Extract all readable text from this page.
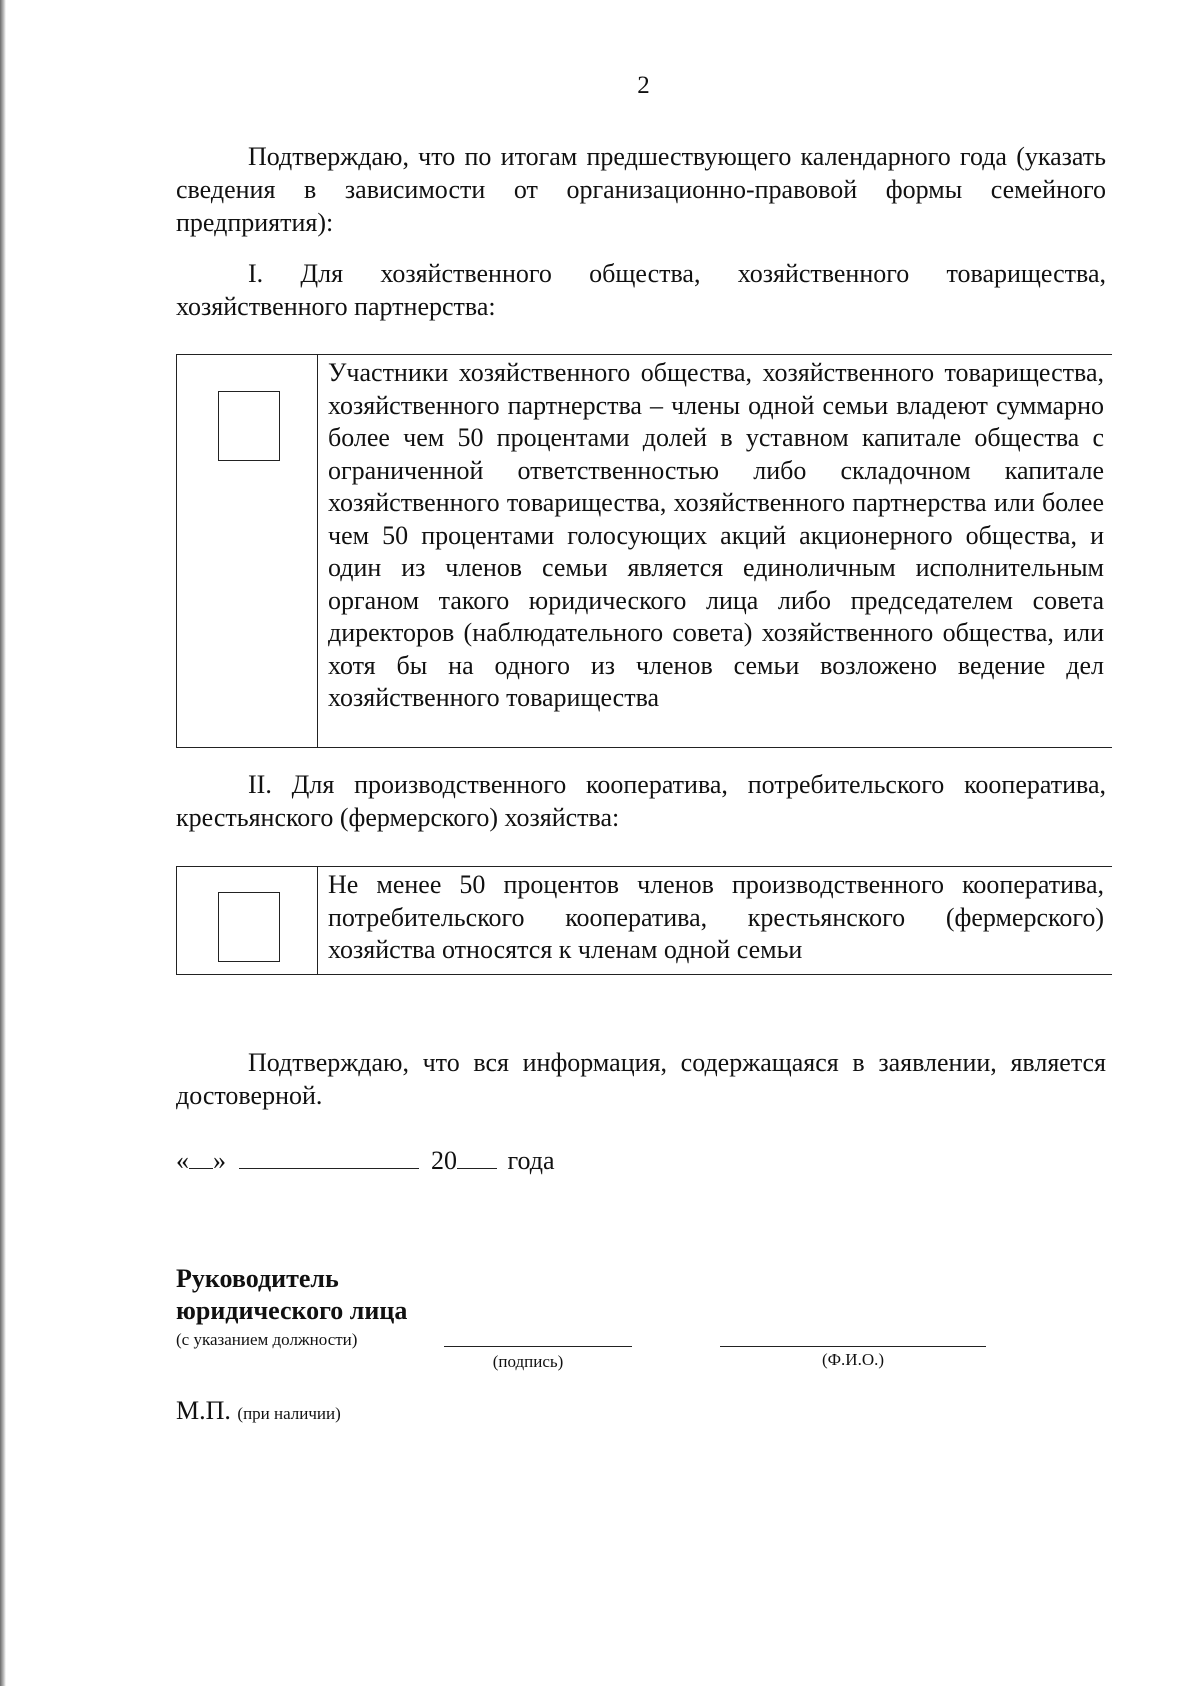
2

Подтверждаю, что по итогам предшествующего календарного года (указать сведения в зависимости от организационно-правовой формы семейного предприятия):

I. Для хозяйственного общества, хозяйственного товарищества, хозяйственного партнерства:

Участники хозяйственного общества, хозяйственного товарищества, хозяйственного партнерства – члены одной семьи владеют суммарно более чем 50 процентами долей в уставном капитале общества с ограниченной ответственностью либо складочном капитале хозяйственного товарищества, хозяйственного партнерства или более чем 50 процентами голосующих акций акционерного общества, и один из членов семьи является единоличным исполнительным органом такого юридического лица либо председателем совета директоров (наблюдательного совета) хозяйственного общества, или хотя бы на одного из членов семьи возложено ведение дел хозяйственного товарищества

II. Для производственного кооператива, потребительского кооператива, крестьянского (фермерского) хозяйства:

Не менее 50 процентов членов производственного кооператива, потребительского кооператива, крестьянского (фермерского) хозяйства относятся к членам одной семьи

Подтверждаю, что вся информация, содержащаяся в заявлении, является достоверной.

« »	20 года
Руководитель
юридического лица
(с указанием должности)
(подпись)	(Ф.И.О.)
М.П. (при наличии)
